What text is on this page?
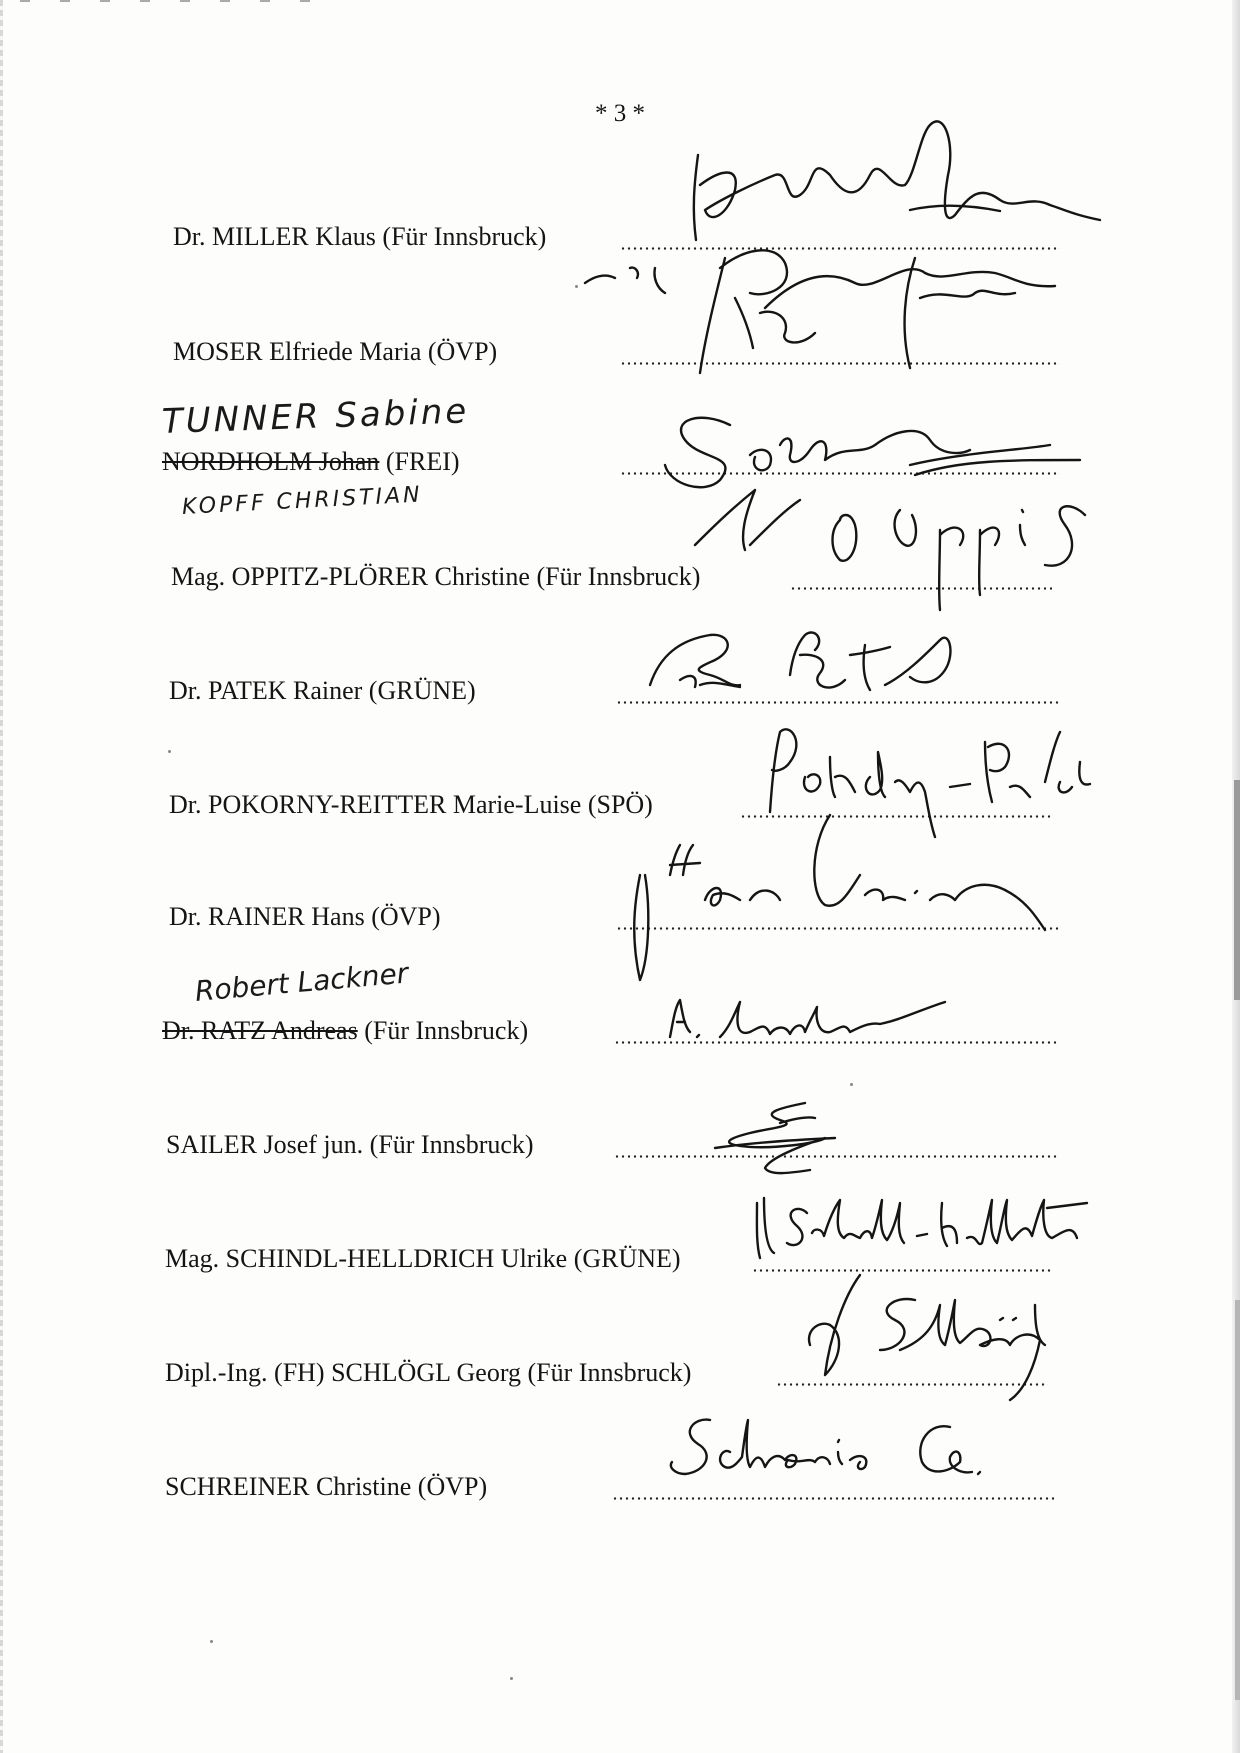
* 3 *
Dr. MILLER Klaus (Für Innsbruck)
MOSER Elfriede Maria (ÖVP)
NORDHOLM Johan (FREI)
TUNNER Sabine
Mag. OPPITZ-PLÖRER Christine (Für Innsbruck)
KOPFF CHRISTIAN
Dr. PATEK Rainer (GRÜNE)
Dr. POKORNY-REITTER Marie-Luise (SPÖ)
Dr. RAINER Hans (ÖVP)
Dr. RATZ Andreas (Für Innsbruck)
Robert Lackner
SAILER Josef jun. (Für Innsbruck)
Mag. SCHINDL-HELLDRICH Ulrike (GRÜNE)
Dipl.-Ing. (FH) SCHLÖGL Georg (Für Innsbruck)
SCHREINER Christine (ÖVP)
